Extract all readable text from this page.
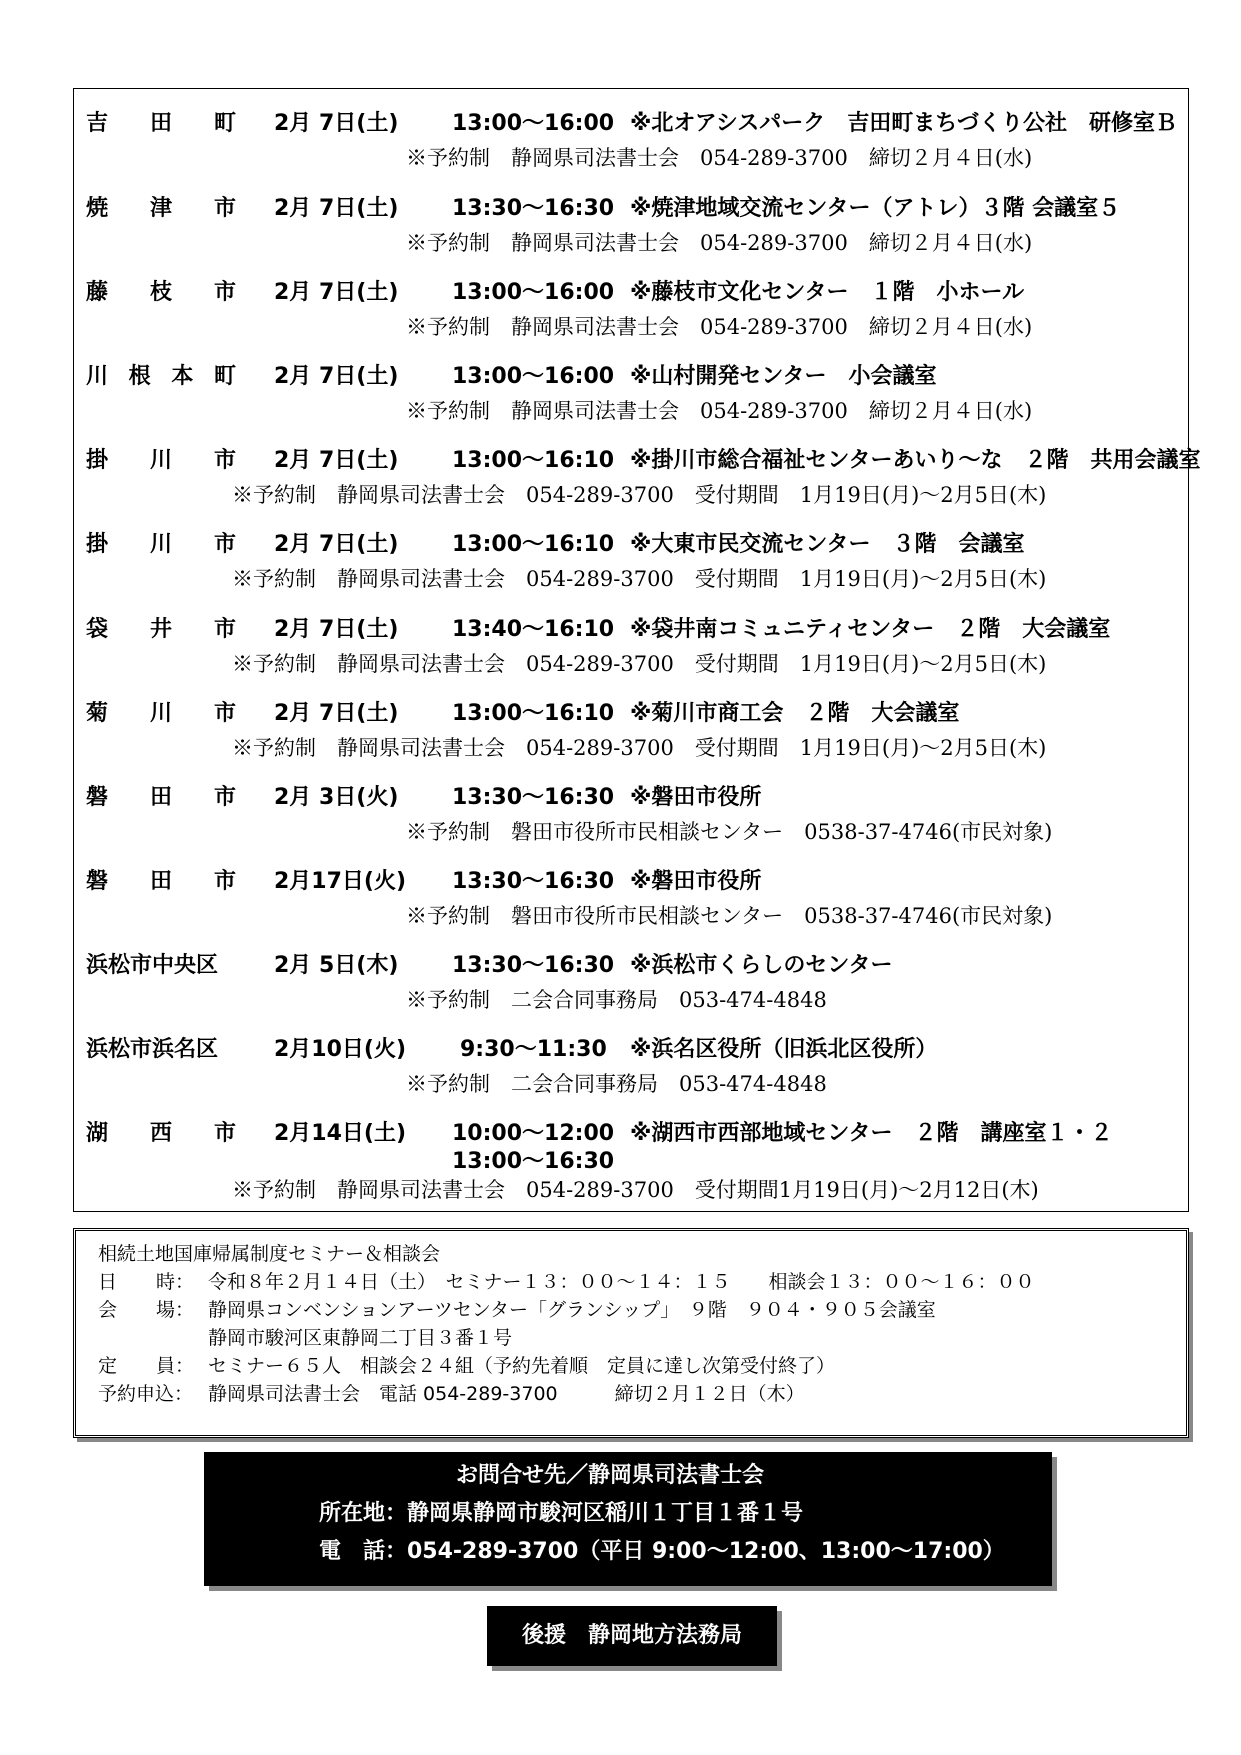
吉 田 町 2月 7日(土) 13:00～16:00 ※北オアシスパーク　吉田町まちづくり公社　研修室Ｂ
※予約制　静岡県司法書士会　054-289-3700　締切２月４日(水)
焼 津 市 2月 7日(土) 13:30～16:30 ※焼津地域交流センター（アトレ）３階 会議室５
※予約制　静岡県司法書士会　054-289-3700　締切２月４日(水)
藤 枝 市 2月 7日(土) 13:00～16:00 ※藤枝市文化センター　１階　小ホール
※予約制　静岡県司法書士会　054-289-3700　締切２月４日(水)
川 根 本 町 2月 7日(土) 13:00～16:00 ※山村開発センター　小会議室
※予約制　静岡県司法書士会　054-289-3700　締切２月４日(水)
掛 川 市 2月 7日(土) 13:00～16:10 ※掛川市総合福祉センターあいり～な　２階　共用会議室
※予約制　静岡県司法書士会　054-289-3700　受付期間　1月19日(月)～2月5日(木)
掛 川 市 2月 7日(土) 13:00～16:10 ※大東市民交流センター　３階　会議室
※予約制　静岡県司法書士会　054-289-3700　受付期間　1月19日(月)～2月5日(木)
袋 井 市 2月 7日(土) 13:40～16:10 ※袋井南コミュニティセンター　２階　大会議室
※予約制　静岡県司法書士会　054-289-3700　受付期間　1月19日(月)～2月5日(木)
菊 川 市 2月 7日(土) 13:00～16:10 ※菊川市商工会　２階　大会議室
※予約制　静岡県司法書士会　054-289-3700　受付期間　1月19日(月)～2月5日(木)
磐 田 市 2月 3日(火) 13:30～16:30 ※磐田市役所
※予約制　磐田市役所市民相談センター　0538-37-4746(市民対象)
磐 田 市 2月17日(火) 13:30～16:30 ※磐田市役所
※予約制　磐田市役所市民相談センター　0538-37-4746(市民対象)
浜松市中央区	2月 5日(木) 13:30～16:30 ※浜松市くらしのセンター
※予約制　二会合同事務局　053-474-4848
浜松市浜名区	2月10日(火) 9:30～11:30 ※浜名区役所（旧浜北区役所）
※予約制　二会合同事務局　053-474-4848
湖 西 市 2月14日(土) 10:00～12:00 ※湖西市西部地域センター　２階　講座室１・２
13:00～16:30
※予約制　静岡県司法書士会　054-289-3700　受付期間1月19日(月)～2月12日(木)
相続土地国庫帰属制度セミナー＆相談会
日 時： 令和８年２月１４日（土）　セミナー１３：００～１４：１５　　相談会１３：００～１６：００
会 場： 静岡県コンベンションアーツセンター「グランシップ」　９階　９０４・９０５会議室
静岡市駿河区東静岡二丁目３番１号
定 員： セミナー６５人　相談会２４組（予約先着順　定員に達し次第受付終了）
予約申込： 静岡県司法書士会　電話 054-289-3700　　　締切２月１２日（木）
お問合せ先／静岡県司法書士会
所在地：静岡県静岡市駿河区稲川１丁目１番１号
電　話：054-289-3700（平日 9:00～12:00、13:00～17:00）
後援　静岡地方法務局
